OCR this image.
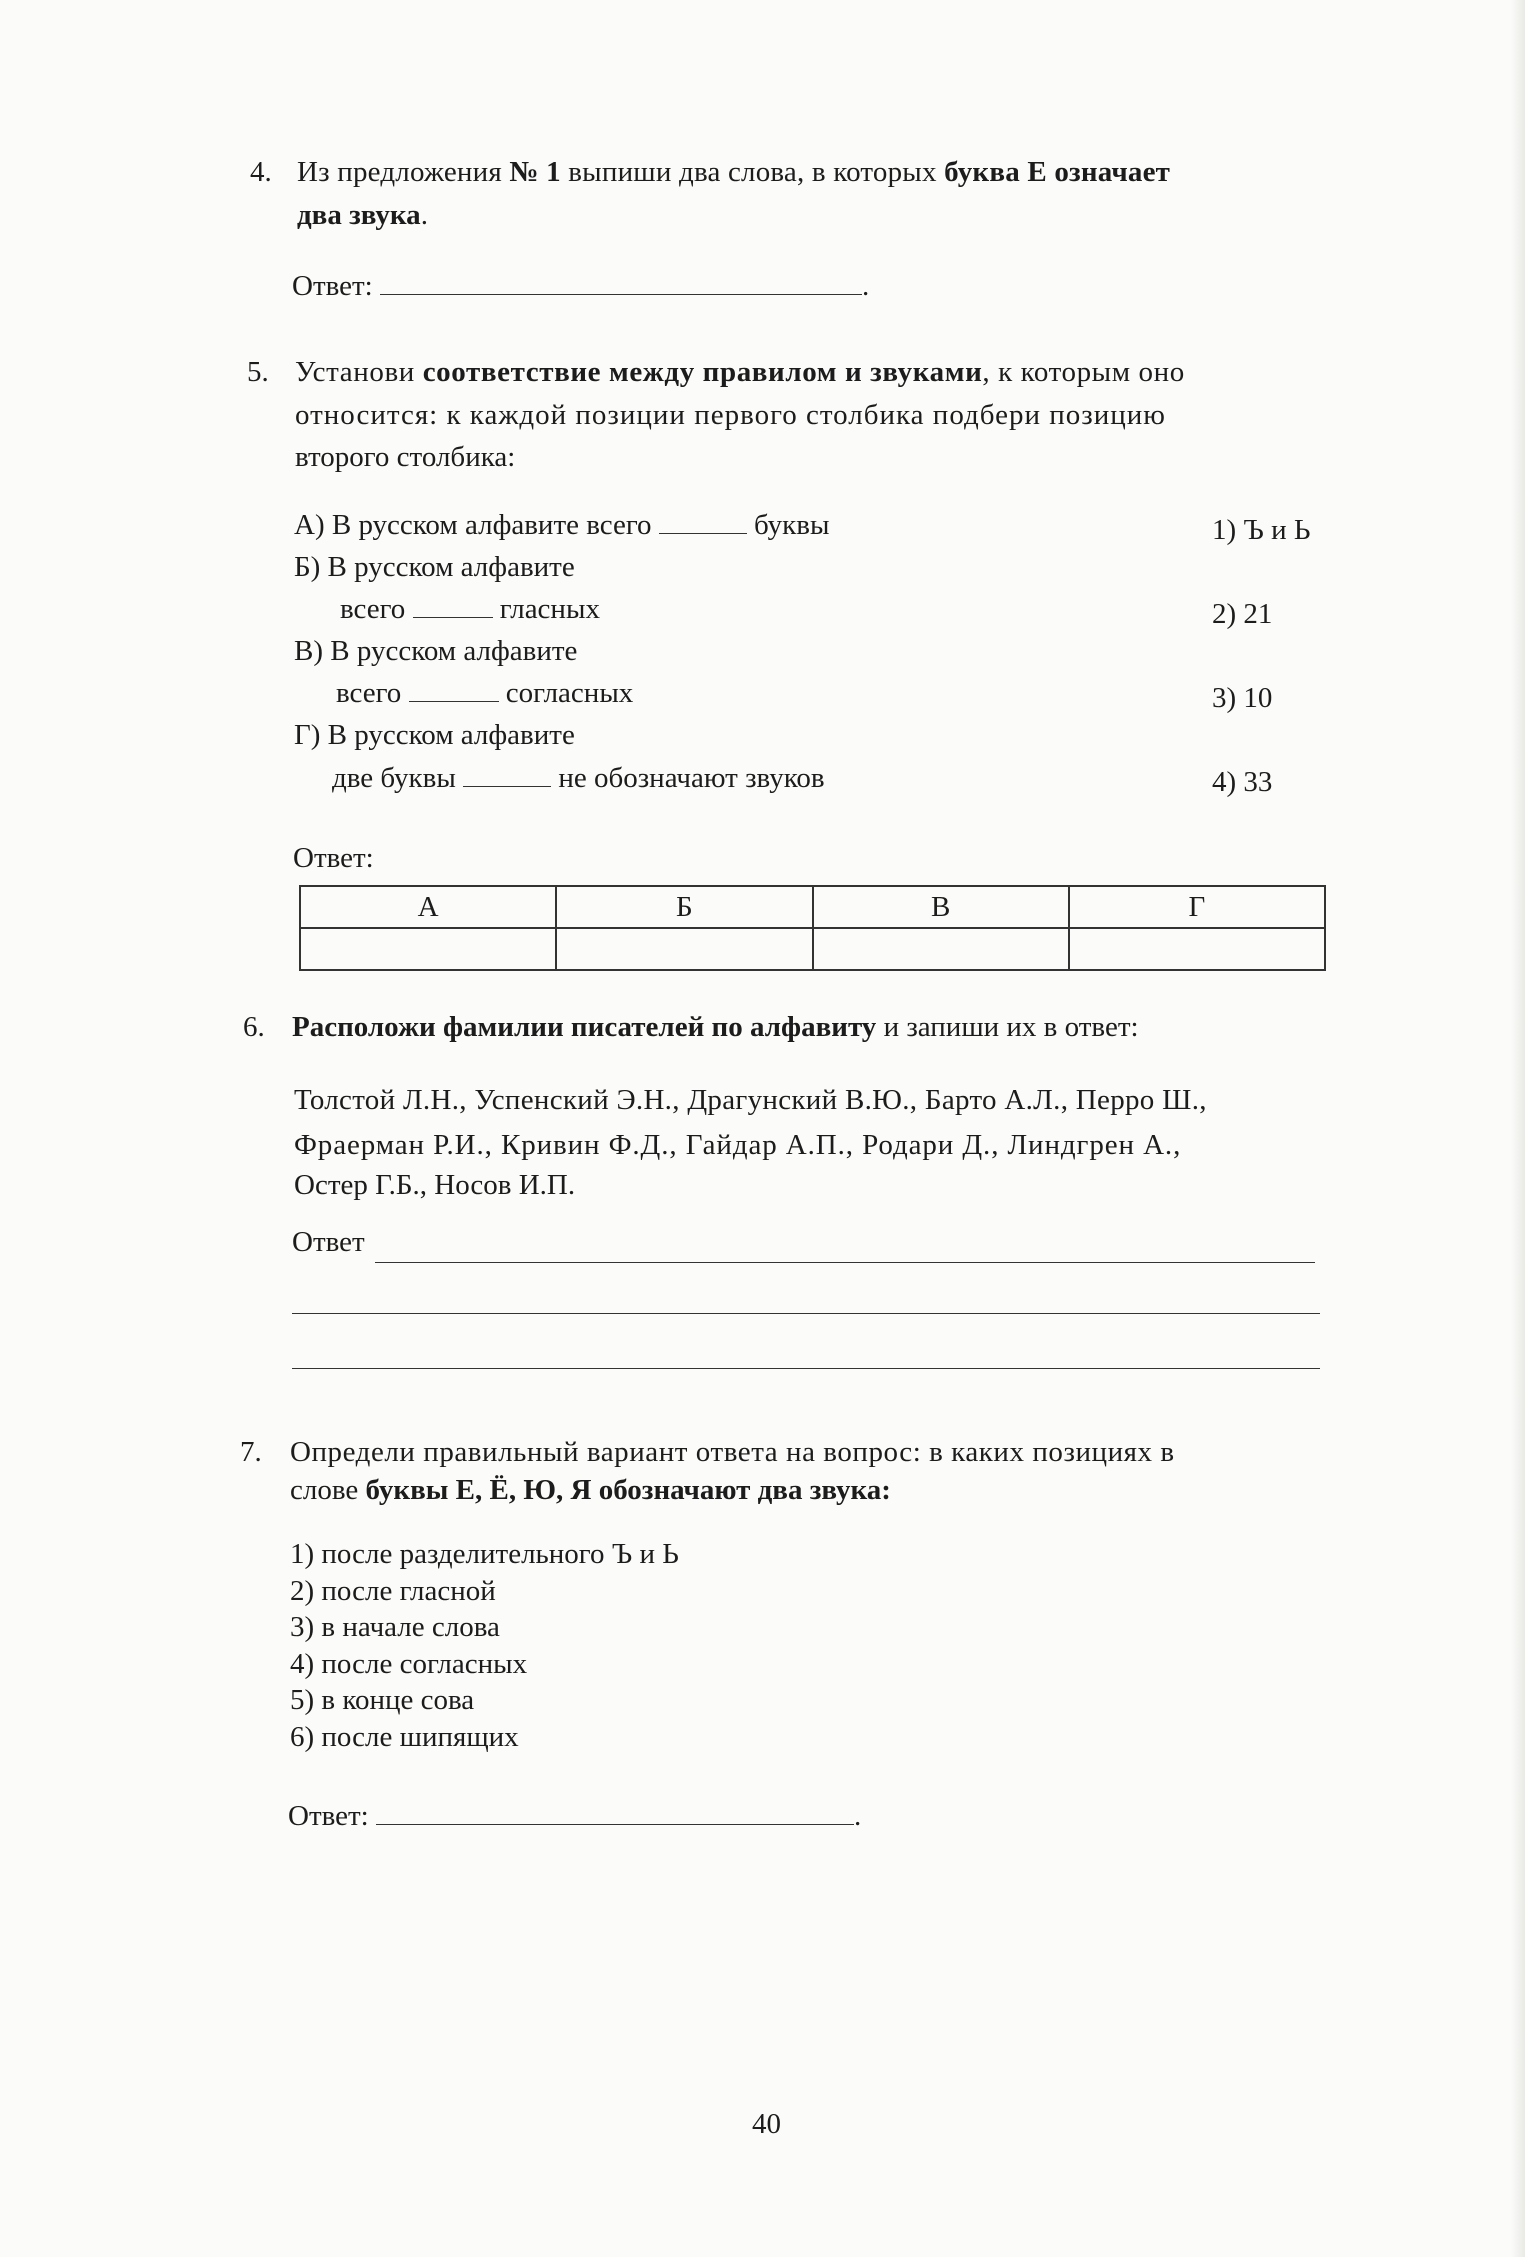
4. Из предложения № 1 выпиши два слова, в которых буква Е означает
два звука.
Ответ:	.
5. Установи соответствие между правилом и звуками, к которым оно
относится: к каждой позиции первого столбика подбери позицию
второго столбика:
А) В русском алфавите всего	буквы
Б) В русском алфавите
всего	гласных
В) В русском алфавите
всего	согласных
Г) В русском алфавите
две буквы	не обозначают звуков
1) Ъ и Ь
2) 21
3) 10
4) 33
Ответ:
А	Б	В	Г

6. Расположи фамилии писателей по алфавиту и запиши их в ответ:
Толстой Л.Н., Успенский Э.Н., Драгунский В.Ю., Барто А.Л., Перро Ш.,
Фраерман Р.И., Кривин Ф.Д., Гайдар А.П., Родари Д., Линдгрен А.,
Остер Г.Б., Носов И.П.
Ответ
7. Определи правильный вариант ответа на вопрос: в каких позициях в
слове буквы Е, Ё, Ю, Я обозначают два звука:
1) после разделительного Ъ и Ь
2) после гласной
3) в начале слова
4) после согласных
5) в конце сова
6) после шипящих
Ответ:	.
40
